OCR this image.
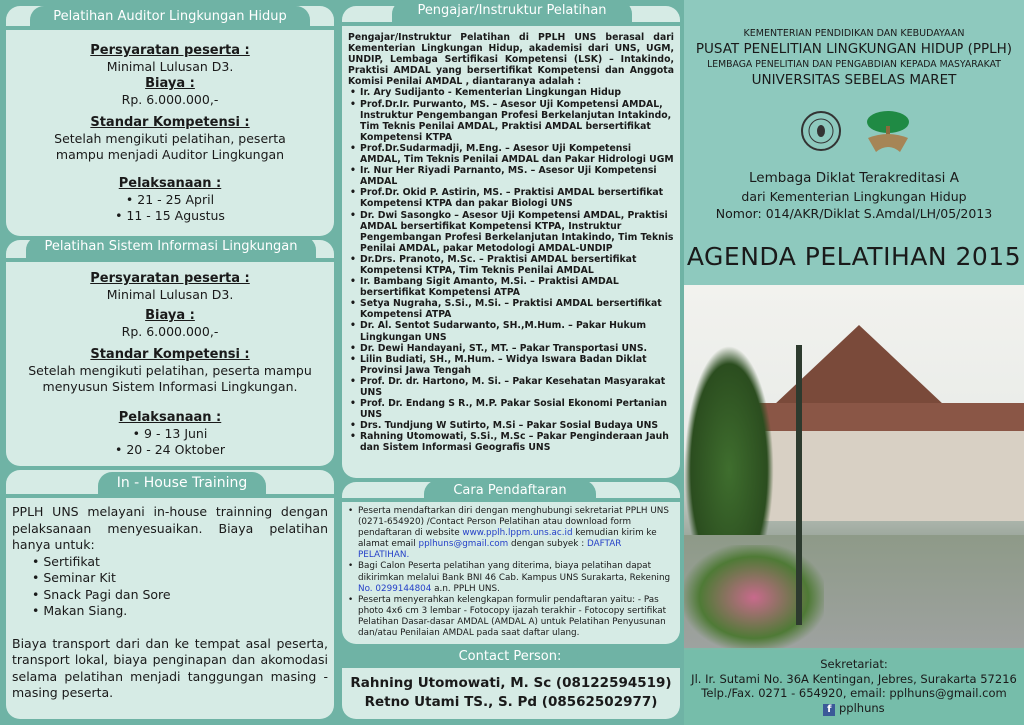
Pelatihan Auditor Lingkungan Hidup
Persyaratan peserta :
Minimal Lulusan D3.
Biaya :
Rp. 6.000.000,-
Standar Kompetensi :
Setelah mengikuti pelatihan, peserta mampu menjadi Auditor Lingkungan
Pelaksanaan :
• 21 - 25 April
• 11 - 15 Agustus
Pelatihan Sistem Informasi Lingkungan
Persyaratan peserta :
Minimal Lulusan D3.
Biaya :
Rp. 6.000.000,-
Standar Kompetensi :
Setelah mengikuti pelatihan, peserta mampu menyusun Sistem Informasi Lingkungan.
Pelaksanaan :
• 9 - 13 Juni
• 20 - 24 Oktober
In - House Training
PPLH UNS melayani in-house trainning dengan pelaksanaan menyesuaikan. Biaya pelatihan hanya untuk:
• Sertifikat
• Seminar Kit
• Snack Pagi dan Sore
• Makan Siang.
Biaya transport dari dan ke tempat asal peserta, transport lokal, biaya penginapan dan akomodasi selama pelatihan menjadi tanggungan masing - masing peserta.
Pengajar/Instruktur Pelatihan
Pengajar/Instruktur Pelatihan di PPLH UNS berasal dari Kementerian Lingkungan Hidup, akademisi dari UNS, UGM, UNDIP, Lembaga Sertifikasi Kompetensi (LSK) – Intakindo, Praktisi AMDAL yang bersertifikat Kompetensi dan Anggota Komisi Penilai AMDAL , diantaranya adalah :
• Ir. Ary Sudijanto - Kementerian Lingkungan Hidup
• Prof.Dr.Ir. Purwanto, MS. – Asesor Uji Kompetensi AMDAL, Instruktur Pengembangan Profesi Berkelanjutan Intakindo, Tim Teknis Penilai AMDAL, Praktisi AMDAL bersertifikat Kompetensi KTPA
• Prof.Dr.Sudarmadji, M.Eng. – Asesor Uji Kompetensi AMDAL, Tim Teknis Penilai AMDAL dan Pakar Hidrologi UGM
• Ir. Nur Her Riyadi Parnanto, MS. – Asesor Uji Kompetensi AMDAL
• Prof.Dr. Okid P. Astirin, MS. – Praktisi AMDAL bersertifikat Kompetensi KTPA dan pakar Biologi UNS
• Dr. Dwi Sasongko – Asesor Uji Kompetensi AMDAL, Praktisi AMDAL bersertifikat Kompetensi KTPA, Instruktur Pengembangan Profesi Berkelanjutan Intakindo, Tim Teknis Penilai AMDAL, pakar Metodologi AMDAL-UNDIP
• Dr.Drs. Pranoto, M.Sc. – Praktisi AMDAL bersertifikat Kompetensi KTPA, Tim Teknis Penilai AMDAL
• Ir. Bambang Sigit Amanto, M.Si. – Praktisi AMDAL bersertifikat Kompetensi ATPA
• Setya Nugraha, S.Si., M.Si. – Praktisi AMDAL bersertifikat Kompetensi ATPA
• Dr. Al. Sentot Sudarwanto, SH.,M.Hum. – Pakar Hukum Lingkungan UNS
• Dr. Dewi Handayani, ST., MT. – Pakar Transportasi UNS.
• Lilin Budiati, SH., M.Hum. – Widya Iswara Badan Diklat Provinsi Jawa Tengah
• Prof. Dr. dr. Hartono, M. Si. – Pakar Kesehatan Masyarakat UNS
• Prof. Dr. Endang S R., M.P. Pakar Sosial Ekonomi Pertanian UNS
• Drs. Tundjung W Sutirto, M.Si – Pakar Sosial Budaya UNS
• Rahning Utomowati, S.Si., M.Sc – Pakar Penginderaan Jauh dan Sistem Informasi Geografis UNS
Cara Pendaftaran
• Peserta mendaftarkan diri dengan menghubungi sekretariat PPLH UNS (0271-654920) /Contact Person Pelatihan atau download form pendaftaran di website www.pplh.lppm.uns.ac.id kemudian kirim ke alamat email pplhuns@gmail.com dengan subyek : DAFTAR PELATIHAN.
• Bagi Calon Peserta pelatihan yang diterima, biaya pelatihan dapat dikirimkan melalui Bank BNI 46 Cab. Kampus UNS Surakarta, Rekening No. 0299144804 a.n. PPLH UNS.
• Peserta menyerahkan kelengkapan formulir pendaftaran yaitu: - Pas photo 4x6 cm 3 lembar - Fotocopy ijazah terakhir - Fotocopy sertifikat Pelatihan Dasar-dasar AMDAL (AMDAL A) untuk Pelatihan Penyusunan dan/atau Penilaian AMDAL pada saat daftar ulang.
Contact Person:
Rahning Utomowati, M. Sc (08122594519)
Retno Utami TS., S. Pd (08562502977)
KEMENTERIAN PENDIDIKAN DAN KEBUDAYAAN
PUSAT PENELITIAN LINGKUNGAN HIDUP (PPLH)
LEMBAGA PENELITIAN DAN PENGABDIAN KEPADA MASYARAKAT
UNIVERSITAS SEBELAS MARET
Lembaga Diklat Terakreditasi A
dari Kementerian Lingkungan Hidup
Nomor: 014/AKR/Diklat S.Amdal/LH/05/2013
AGENDA PELATIHAN 2015
Sekretariat:
Jl. Ir. Sutami No. 36A Kentingan, Jebres, Surakarta 57216
Telp./Fax. 0271 - 654920, email: pplhuns@gmail.com
f pplhuns
